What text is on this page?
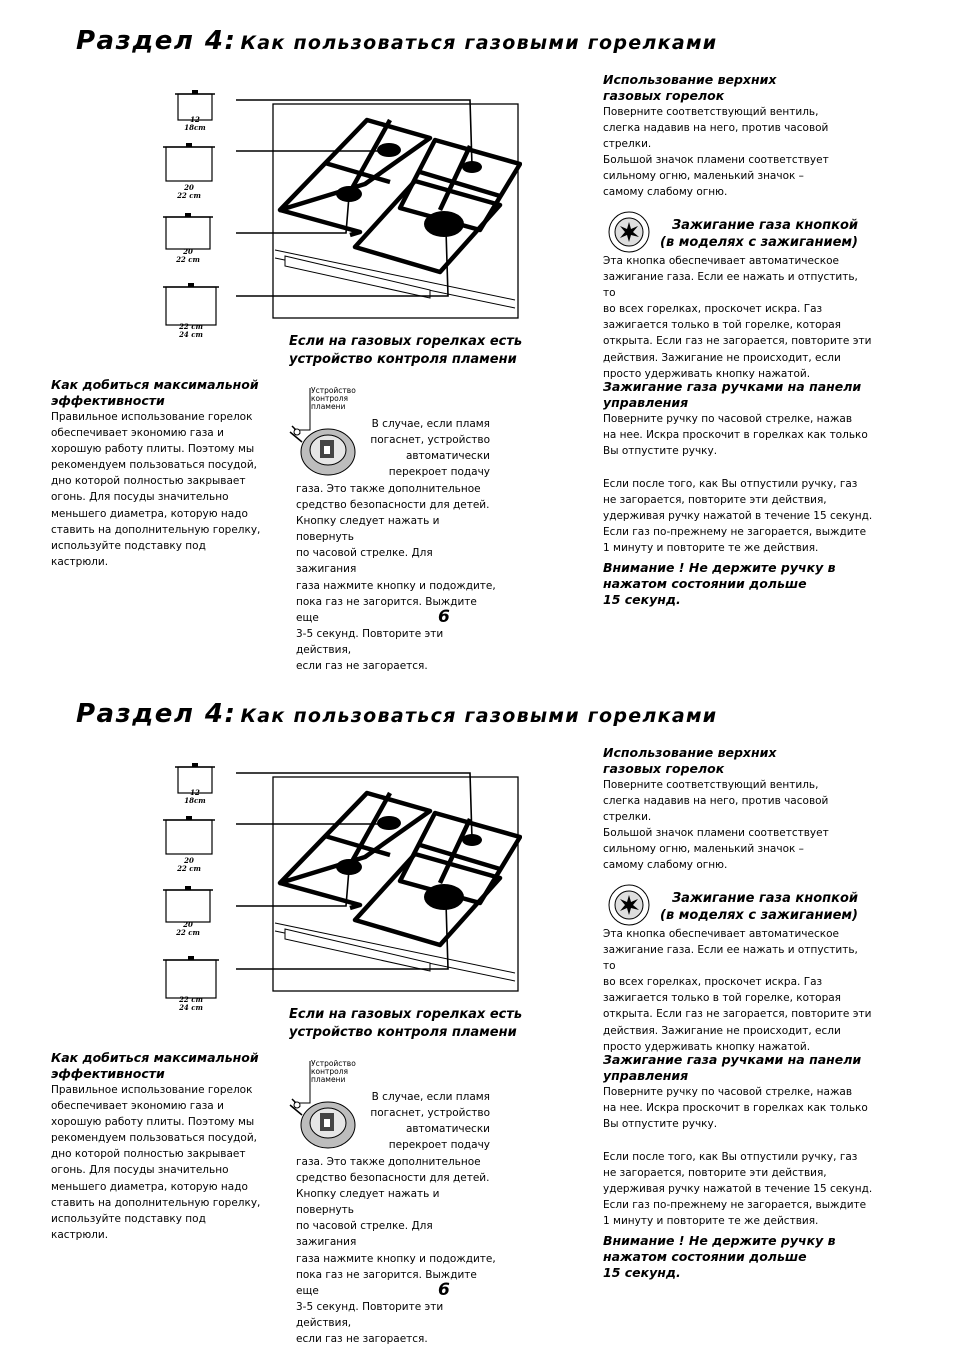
Раздел 4: Как пользоваться газовыми горелками
12
18cm
20
22 cm
20
22 cm
22 cm
24 cm
Как добиться максимальной
эффективности
Правильное использование горелок
обеспечивает экономию газа и
хорошую работу плиты. Поэтому мы
рекомендуем пользоваться посудой,
дно которой полностью закрывает
огонь. Для посуды значительно
меньшего диаметра, которую надо
ставить на дополнительную горелку,
используйте подставку под кастрюли.
Если на газовых горелках есть
устройство контроля пламени
Устройство
контроля
пламени
В случае, если пламя
погаснет, устройство
автоматически
перекроет подачу
газа. Это также дополнительное
средство безопасности для детей.
Кнопку следует нажать и повернуть
по часовой стрелке. Для зажигания
газа нажмите кнопку и подождите,
пока газ не загорится. Выждите еще
3-5 секунд. Повторите эти действия,
если газ не загорается.
Использование верхних
газовых горелок
Поверните соответствующий вентиль,
слегка надавив на него, против часовой
стрелки.
Большой значок пламени соответствует
сильному огню, маленький значок –
самому слабому огню.
Зажигание газа кнопкой
(в моделях с зажиганием)
Эта кнопка обеспечивает автоматическое
зажигание газа. Если ее нажать и отпустить, то
во всех горелках, проскочет искра. Газ
зажигается только в той горелке, которая
открыта. Если газ не загорается, повторите эти
действия. Зажигание не происходит, если
просто удерживать кнопку нажатой.
Зажигание газа ручками на панели
управления
Поверните ручку по часовой стрелке, нажав
на нее. Искра проскочит в горелках как только
Вы отпустите ручку.
Если после того, как Вы отпустили ручку, газ
не загорается, повторите эти действия,
удерживая ручку нажатой в течение 15 секунд.
Если газ по-прежнему не загорается, выждите
1 минуту и повторите те же действия.
Внимание ! Не держите ручку в
нажатом состоянии дольше
15 секунд.
6
Раздел 4: Как пользоваться газовыми горелками
12
18cm
20
22 cm
20
22 cm
22 cm
24 cm
Как добиться максимальной
эффективности
Правильное использование горелок
обеспечивает экономию газа и
хорошую работу плиты. Поэтому мы
рекомендуем пользоваться посудой,
дно которой полностью закрывает
огонь. Для посуды значительно
меньшего диаметра, которую надо
ставить на дополнительную горелку,
используйте подставку под кастрюли.
Если на газовых горелках есть
устройство контроля пламени
Устройство
контроля
пламени
В случае, если пламя
погаснет, устройство
автоматически
перекроет подачу
газа. Это также дополнительное
средство безопасности для детей.
Кнопку следует нажать и повернуть
по часовой стрелке. Для зажигания
газа нажмите кнопку и подождите,
пока газ не загорится. Выждите еще
3-5 секунд. Повторите эти действия,
если газ не загорается.
Использование верхних
газовых горелок
Поверните соответствующий вентиль,
слегка надавив на него, против часовой
стрелки.
Большой значок пламени соответствует
сильному огню, маленький значок –
самому слабому огню.
Зажигание газа кнопкой
(в моделях с зажиганием)
Эта кнопка обеспечивает автоматическое
зажигание газа. Если ее нажать и отпустить, то
во всех горелках, проскочет искра. Газ
зажигается только в той горелке, которая
открыта. Если газ не загорается, повторите эти
действия. Зажигание не происходит, если
просто удерживать кнопку нажатой.
Зажигание газа ручками на панели
управления
Поверните ручку по часовой стрелке, нажав
на нее. Искра проскочит в горелках как только
Вы отпустите ручку.
Если после того, как Вы отпустили ручку, газ
не загорается, повторите эти действия,
удерживая ручку нажатой в течение 15 секунд.
Если газ по-прежнему не загорается, выждите
1 минуту и повторите те же действия.
Внимание ! Не держите ручку в
нажатом состоянии дольше
15 секунд.
6
